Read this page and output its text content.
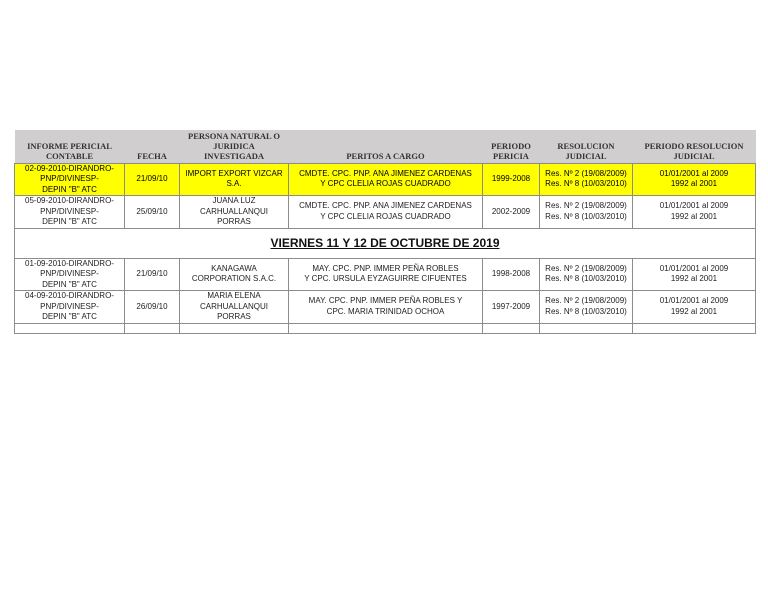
INFORME PERICIAL
CONTABLE	FECHA	PERSONA NATURAL O
JURIDICA
INVESTIGADA	PERITOS A CARGO	PERIODO
PERICIA	RESOLUCION
JUDICIAL	PERIODO RESOLUCION
JUDICIAL

02-09-2010-DIRANDRO-
PNP/DIVINESP-
DEPIN "B" ATC	21/09/10	IMPORT EXPORT VIZCAR
S.A.	CMDTE. CPC. PNP. ANA JIMENEZ CARDENAS
Y CPC CLELIA ROJAS CUADRADO	1999-2008	Res. Nº 2 (19/08/2009)
Res. Nº 8 (10/03/2010)	01/01/2001 al 2009
1992 al 2001

05-09-2010-DIRANDRO-
PNP/DIVINESP-
DEPIN "B" ATC	25/09/10	JUANA LUZ
CARHUALLANQUI
PORRAS	CMDTE. CPC. PNP. ANA JIMENEZ CARDENAS
Y CPC CLELIA ROJAS CUADRADO	2002-2009	Res. Nº 2 (19/08/2009)
Res. Nº 8 (10/03/2010)	01/01/2001 al 2009
1992 al 2001

VIERNES 11 Y 12 DE OCTUBRE DE 2019						

01-09-2010-DIRANDRO-
PNP/DIVINESP-
DEPIN "B" ATC	21/09/10	KANAGAWA
CORPORATION S.A.C.	MAY. CPC. PNP. IMMER PEÑA ROBLES
Y CPC. URSULA EYZAGUIRRE CIFUENTES	1998-2008	Res. Nº 2 (19/08/2009)
Res. Nº 8 (10/03/2010)	01/01/2001 al 2009
1992 al 2001

04-09-2010-DIRANDRO-
PNP/DIVINESP-
DEPIN "B" ATC	26/09/10	MARIA ELENA
CARHUALLANQUI
PORRAS	MAY. CPC. PNP. IMMER PEÑA ROBLES Y
CPC. MARIA TRINIDAD OCHOA	1997-2009	Res. Nº 2 (19/08/2009)
Res. Nº 8 (10/03/2010)	01/01/2001 al 2009
1992 al 2001
